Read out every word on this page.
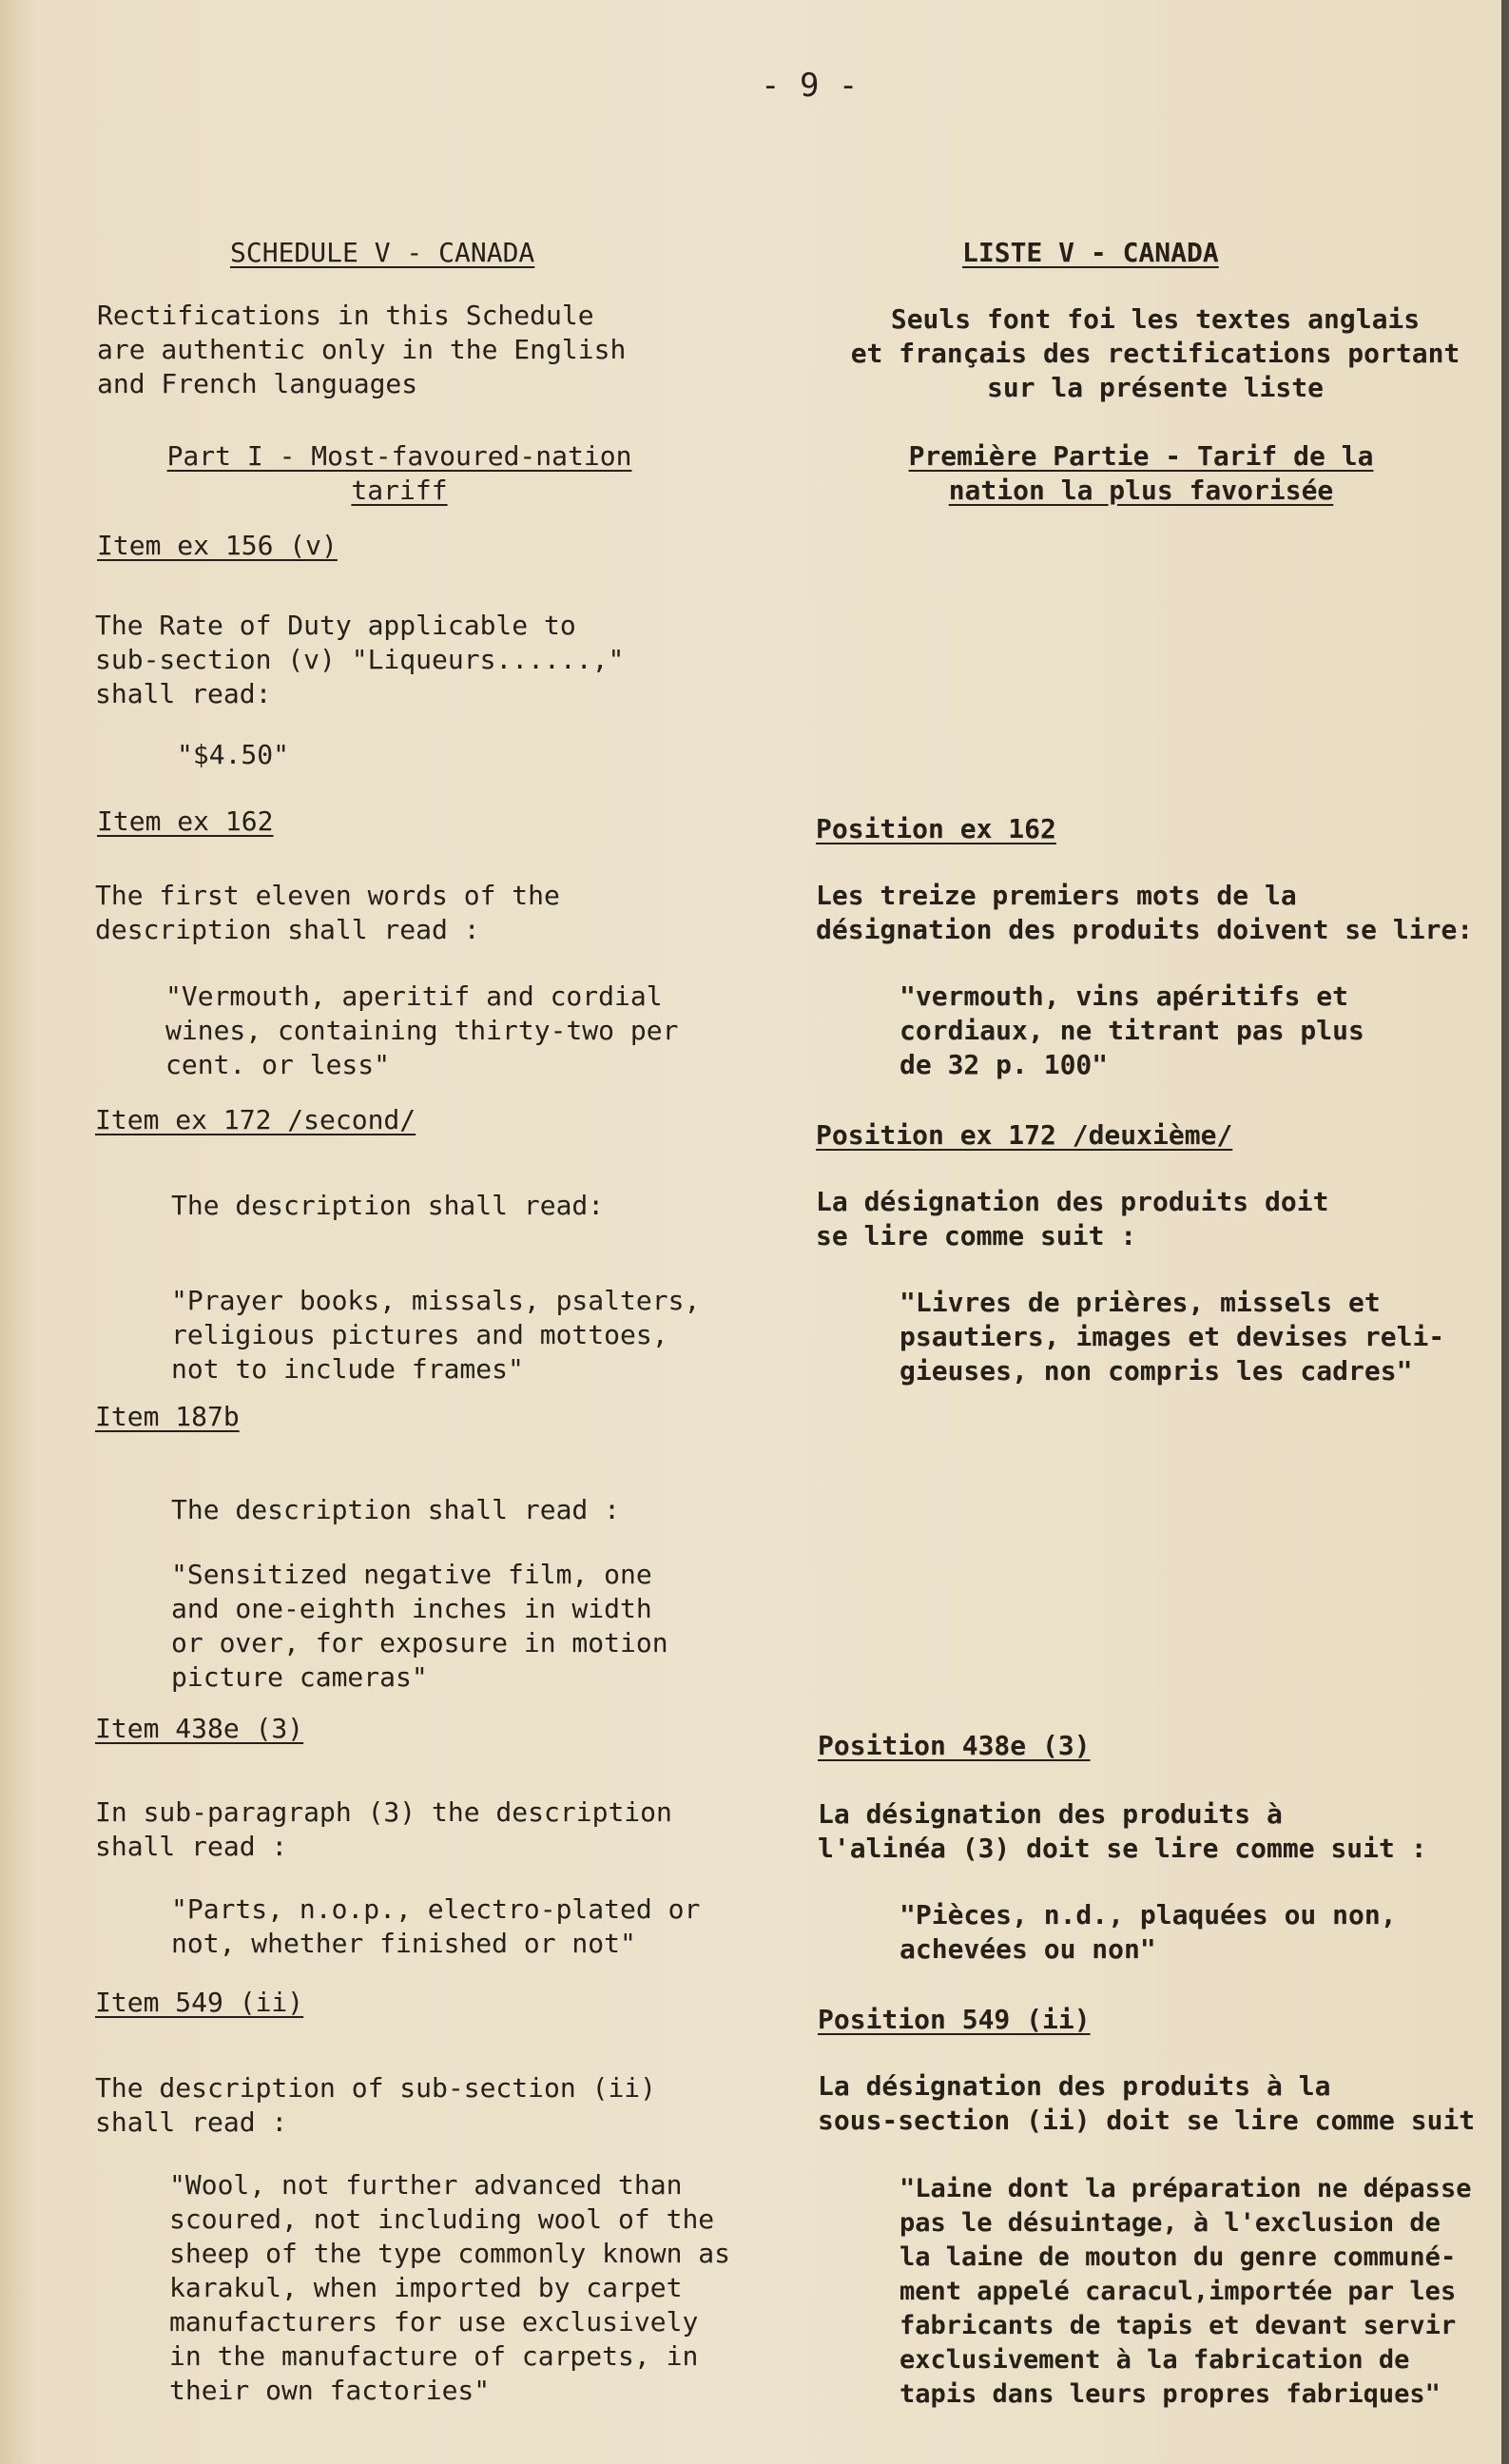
- 9 -
SCHEDULE V - CANADA
Rectifications in this Schedule
are authentic only in the English
and French languages
Part I - Most-favoured-nation
tariff
Item ex 156 (v)
The Rate of Duty applicable to
sub-section (v) "Liqueurs......,"
shall read:
"$4.50"
Item ex 162
The first eleven words of the
description shall read :
"Vermouth, aperitif and cordial
wines, containing thirty-two per
cent. or less"
Item ex 172 /second/
The description shall read:
"Prayer books, missals, psalters,
religious pictures and mottoes,
not to include frames"
Item 187b
The description shall read :
"Sensitized negative film, one
and one-eighth inches in width
or over, for exposure in motion
picture cameras"
Item 438e (3)
In sub-paragraph (3) the description
shall read :
"Parts, n.o.p., electro-plated or
not, whether finished or not"
Item 549 (ii)
The description of sub-section (ii)
shall read :
"Wool, not further advanced than
scoured, not including wool of the
sheep of the type commonly known as
karakul, when imported by carpet
manufacturers for use exclusively
in the manufacture of carpets, in
their own factories"
LISTE V - CANADA
Seuls font foi les textes anglais
et français des rectifications portant
sur la présente liste
Première Partie - Tarif de la
nation la plus favorisée
Position ex 162
Les treize premiers mots de la
désignation des produits doivent se lire:
"vermouth, vins apéritifs et
cordiaux, ne titrant pas plus
de 32 p. 100"
Position ex 172 /deuxième/
La désignation des produits doit
se lire comme suit :
"Livres de prières, missels et
psautiers, images et devises reli-
gieuses, non compris les cadres"
Position 438e (3)
La désignation des produits à
l'alinéa (3) doit se lire comme suit :
"Pièces, n.d., plaquées ou non,
achevées ou non"
Position 549 (ii)
La désignation des produits à la
sous-section (ii) doit se lire comme suit
"Laine dont la préparation ne dépasse
pas le désuintage, à l'exclusion de
la laine de mouton du genre communé-
ment appelé caracul,importée par les
fabricants de tapis et devant servir
exclusivement à la fabrication de
tapis dans leurs propres fabriques"
